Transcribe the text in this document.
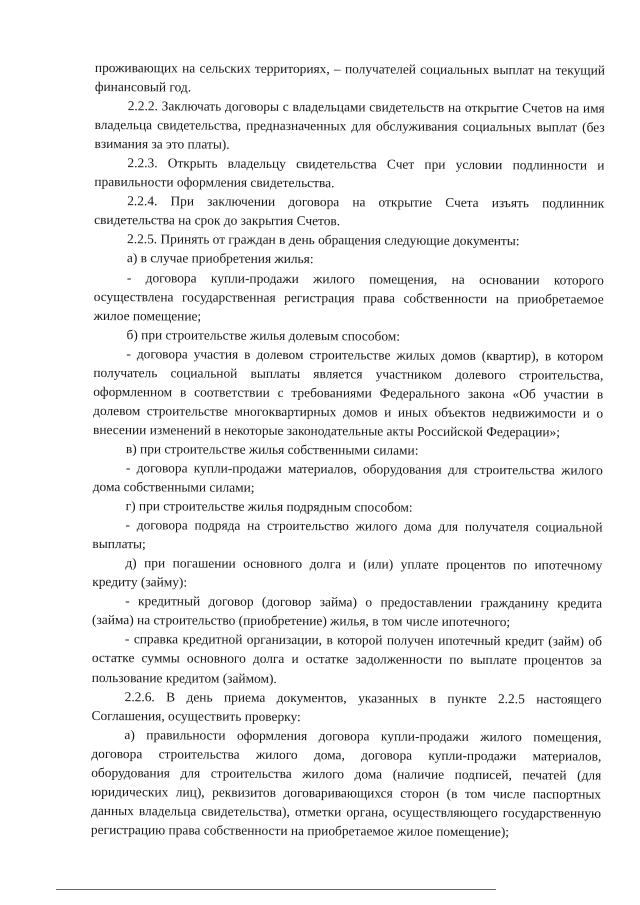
проживающих на сельских территориях, – получателей социальных выплат на текущий финансовый год.

2.2.2. Заключать договоры с владельцами свидетельств на открытие Счетов на имя владельца свидетельства, предназначенных для обслуживания социальных выплат (без взимания за это платы).

2.2.3. Открыть владельцу свидетельства Счет при условии подлинности и правильности оформления свидетельства.

2.2.4. При заключении договора на открытие Счета изъять подлинник свидетельства на срок до закрытия Счетов.

2.2.5. Принять от граждан в день обращения следующие документы:

а) в случае приобретения жилья:

- договора купли-продажи жилого помещения, на основании которого осуществлена государственная регистрация права собственности на приобретаемое жилое помещение;

б) при строительстве жилья долевым способом:

- договора участия в долевом строительстве жилых домов (квартир), в котором получатель социальной выплаты является участником долевого строительства, оформленном в соответствии с требованиями Федерального закона «Об участии в долевом строительстве многоквартирных домов и иных объектов недвижимости и о внесении изменений в некоторые законодательные акты Российской Федерации»;

в) при строительстве жилья собственными силами:

- договора купли-продажи материалов, оборудования для строительства жилого дома собственными силами;

г) при строительстве жилья подрядным способом:

- договора подряда на строительство жилого дома для получателя социальной выплаты;

д) при погашении основного долга и (или) уплате процентов по ипотечному кредиту (займу):

- кредитный договор (договор займа) о предоставлении гражданину кредита (займа) на строительство (приобретение) жилья, в том числе ипотечного;

- справка кредитной организации, в которой получен ипотечный кредит (займ) об остатке суммы основного долга и остатке задолженности по выплате процентов за пользование кредитом (займом).

2.2.6. В день приема документов, указанных в пункте 2.2.5 настоящего Соглашения, осуществить проверку:

а) правильности оформления договора купли-продажи жилого помещения, договора строительства жилого дома, договора купли-продажи материалов, оборудования для строительства жилого дома (наличие подписей, печатей (для юридических лиц), реквизитов договаривающихся сторон (в том числе паспортных данных владельца свидетельства), отметки органа, осуществляющего государственную регистрацию права собственности на приобретаемое жилое помещение);
